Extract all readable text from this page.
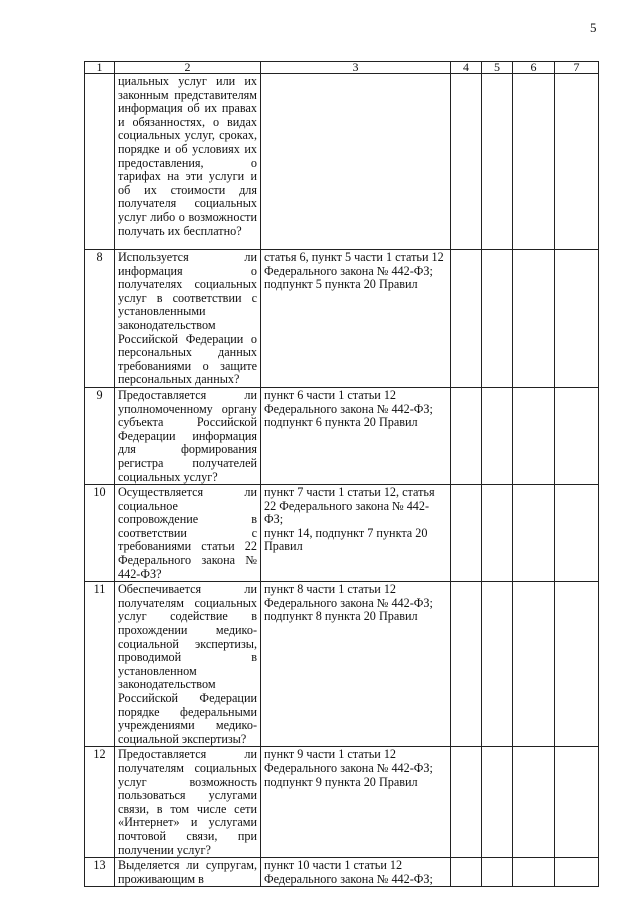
5
1	2	3	4	5	6	7

	циальных услуг или их законным представителям информация об их правах и обязанностях, о видах социальных услуг, сроках, порядке и об условиях их предоставления, о тарифах на эти услуги и об их стоимости для получателя социальных услуг либо о возможности получать их бесплатно?					

8	Используется ли информация о получателях социальных услуг в соответствии с установленными законодательством Российской Федерации о персональных данных требованиями о защите персональных данных?	статья 6, пункт 5 части 1 статьи 12 Федерального закона № 442-ФЗ;
подпункт 5 пункта 20 Правил				

9	Предоставляется ли уполномоченному органу субъекта Российской Федерации информация для формирования регистра получателей социальных услуг?	пункт 6 части 1 статьи 12 Федерального закона № 442-ФЗ;
подпункт 6 пункта 20 Правил				

10	Осуществляется ли социальное сопровождение в соответствии с требованиями статьи 22 Федерального закона № 442-ФЗ?	пункт 7 части 1 статьи 12, статья 22 Федерального закона № 442-ФЗ;
пункт 14, подпункт 7 пункта 20 Правил				

11	Обеспечивается ли получателям социальных услуг содействие в прохождении медико-социальной экспертизы, проводимой в установленном законодательством Российской Федерации порядке федеральными учреждениями медико-социальной экспертизы?	пункт 8 части 1 статьи 12 Федерального закона № 442-ФЗ;
подпункт 8 пункта 20 Правил				

12	Предоставляется ли получателям социальных услуг возможность пользоваться услугами связи, в том числе сети «Интернет» и услугами почтовой связи, при получении услуг?	пункт 9 части 1 статьи 12 Федерального закона № 442-ФЗ;
подпункт 9 пункта 20 Правил				

13	Выделяется ли супругам, проживающим в	пункт 10 части 1 статьи 12 Федерального закона № 442-ФЗ;				
